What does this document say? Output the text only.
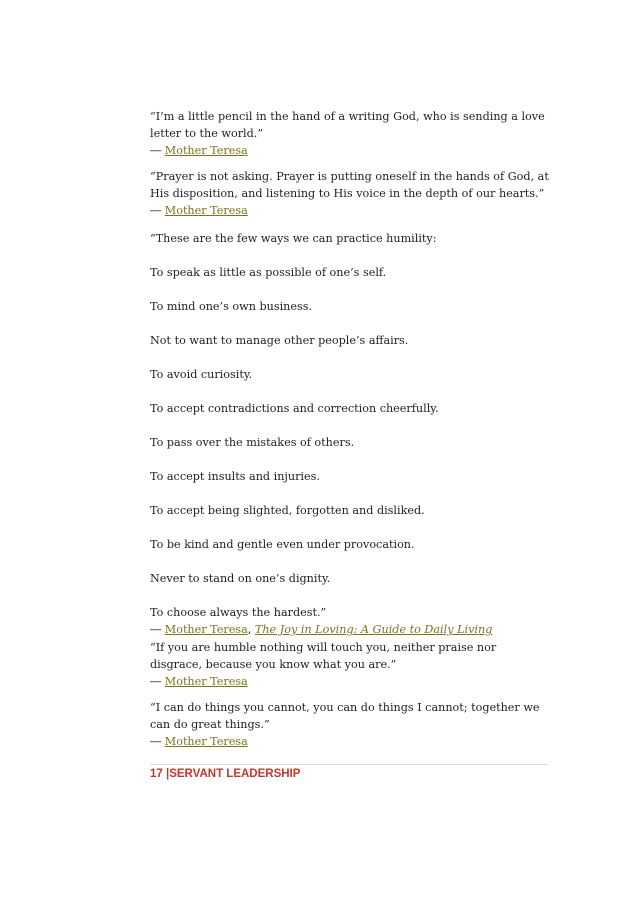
“I’m a little pencil in the hand of a writing God, who is sending a love letter to the world.”

― Mother Teresa

“Prayer is not asking. Prayer is putting oneself in the hands of God, at His disposition, and listening to His voice in the depth of our hearts.”

― Mother Teresa

“These are the few ways we can practice humility:

To speak as little as possible of one’s self.

To mind one’s own business.

Not to want to manage other people’s affairs.

To avoid curiosity.

To accept contradictions and correction cheerfully.

To pass over the mistakes of others.

To accept insults and injuries.

To accept being slighted, forgotten and disliked.

To be kind and gentle even under provocation.

Never to stand on one’s dignity.

To choose always the hardest.”

― Mother Teresa, The Joy in Loving: A Guide to Daily Living

“If you are humble nothing will touch you, neither praise nor disgrace, because you know what you are.”

― Mother Teresa

“I can do things you cannot, you can do things I cannot; together we can do great things.”

― Mother Teresa

17 |SERVANT LEADERSHIP
